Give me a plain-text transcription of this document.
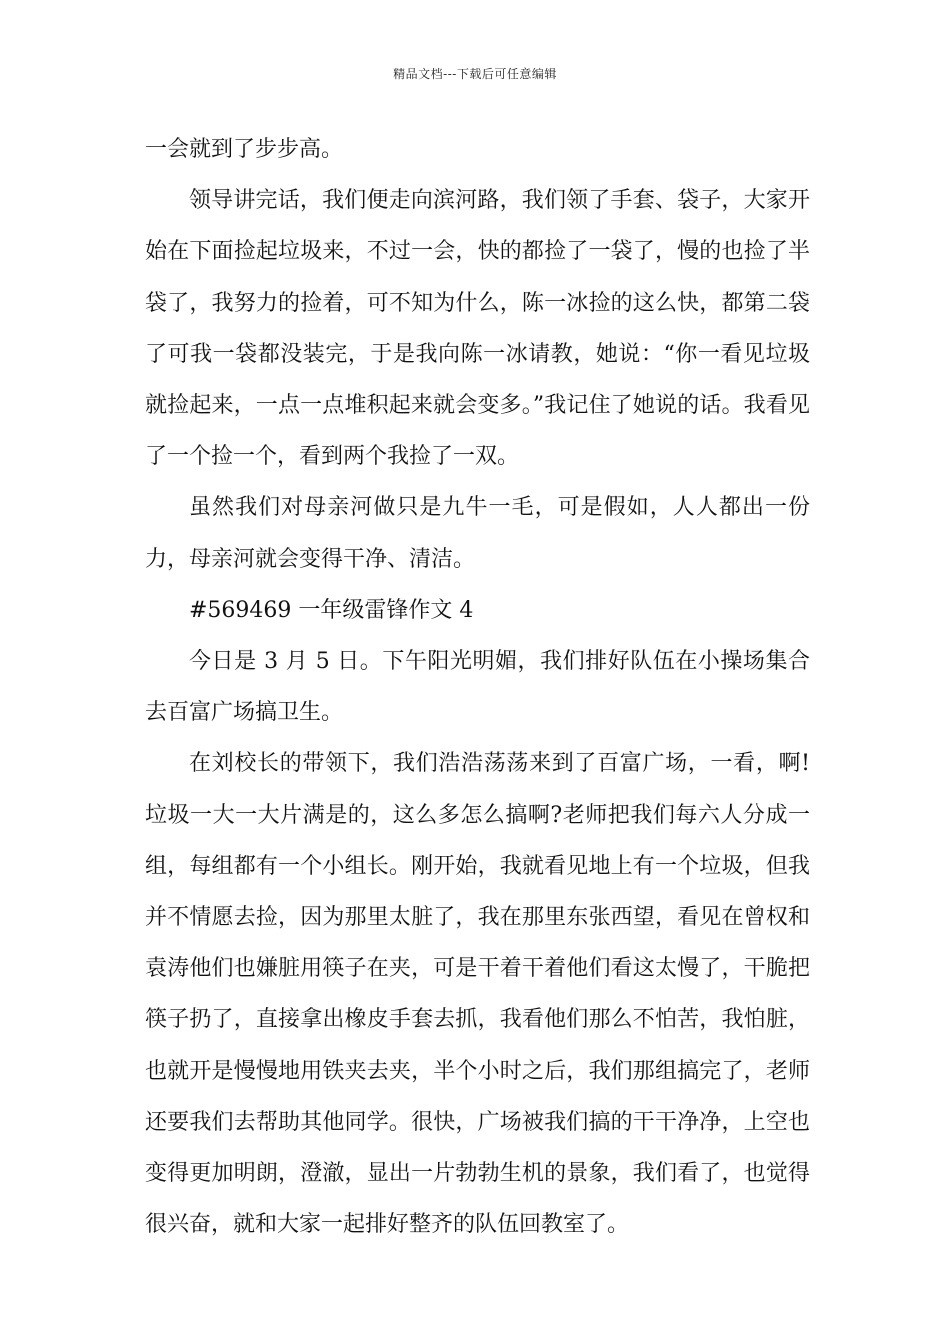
精品文档---下载后可任意编辑

一会就到了步步高。

领导讲完话，我们便走向滨河路，我们领了手套、袋子，大家开始在下面捡起垃圾来，不过一会，快的都捡了一袋了，慢的也捡了半袋了，我努力的捡着，可不知为什么，陈一冰捡的这么快，都第二袋了可我一袋都没装完，于是我向陈一冰请教，她说：“你一看见垃圾就捡起来，一点一点堆积起来就会变多。”我记住了她说的话。我看见了一个捡一个，看到两个我捡了一双。

虽然我们对母亲河做只是九牛一毛，可是假如，人人都出一份力，母亲河就会变得干净、清洁。

#569469 一年级雷锋作文 4

今日是 3 月 5 日。下午阳光明媚，我们排好队伍在小操场集合去百富广场搞卫生。

在刘校长的带领下，我们浩浩荡荡来到了百富广场，一看，啊!垃圾一大一大片满是的，这么多怎么搞啊?老师把我们每六人分成一组，每组都有一个小组长。刚开始，我就看见地上有一个垃圾，但我并不情愿去捡，因为那里太脏了，我在那里东张西望，看见在曾权和袁涛他们也嫌脏用筷子在夹，可是干着干着他们看这太慢了，干脆把筷子扔了，直接拿出橡皮手套去抓，我看他们那么不怕苦，我怕脏，也就开是慢慢地用铁夹去夹，半个小时之后，我们那组搞完了，老师还要我们去帮助其他同学。很快，广场被我们搞的干干净净，上空也变得更加明朗，澄澈，显出一片勃勃生机的景象，我们看了，也觉得很兴奋，就和大家一起排好整齐的队伍回教室了。
